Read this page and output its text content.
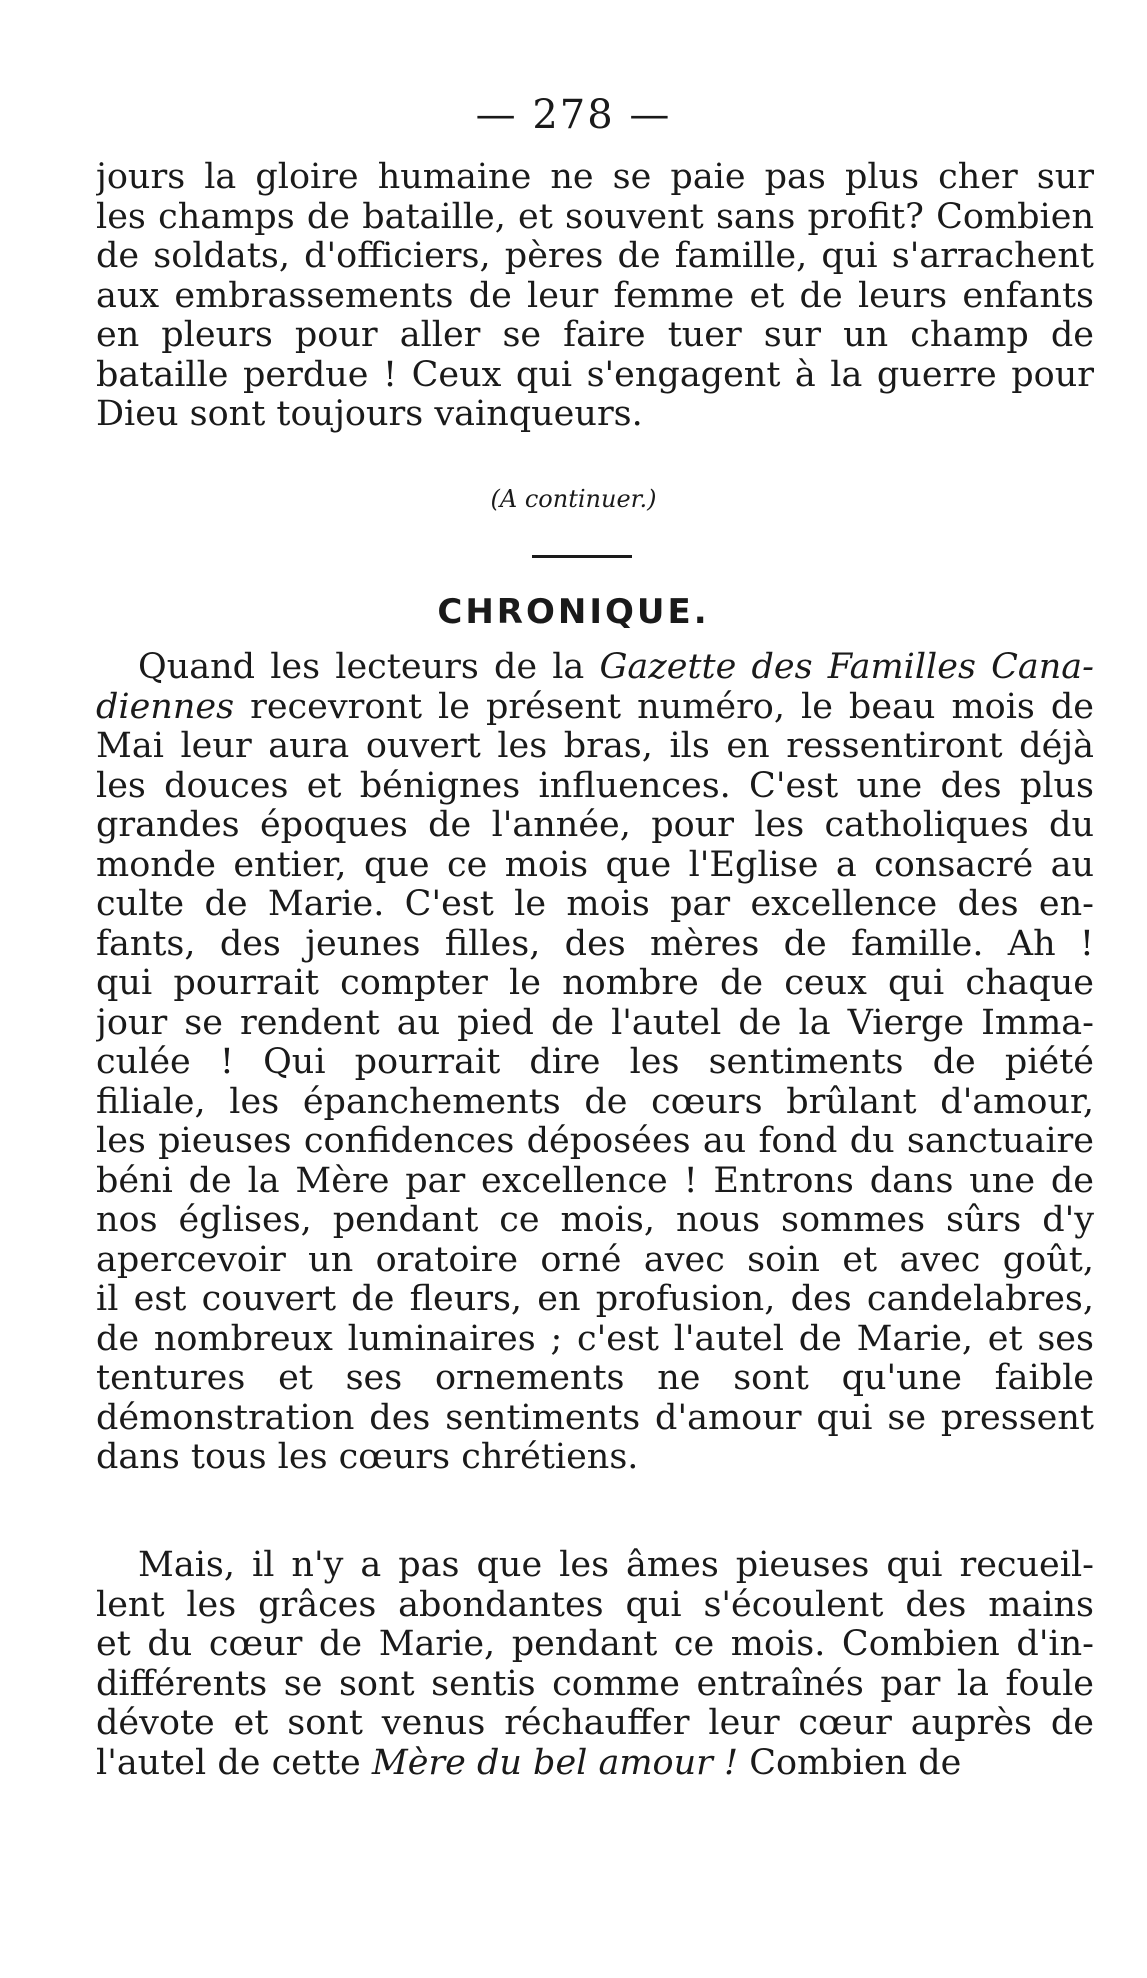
— 278 —
jours la gloire humaine ne se paie pas plus cher sur
les champs de bataille, et souvent sans profit? Combien
de soldats, d'officiers, pères de famille, qui s'arrachent
aux embrassements de leur femme et de leurs enfants
en pleurs pour aller se faire tuer sur un champ de
bataille perdue ! Ceux qui s'engagent à la guerre pour
Dieu sont toujours vainqueurs.
(A continuer.)
CHRONIQUE.
Quand les lecteurs de la Gazette des Familles Cana-
diennes recevront le présent numéro, le beau mois de
Mai leur aura ouvert les bras, ils en ressentiront déjà
les douces et bénignes influences. C'est une des plus
grandes époques de l'année, pour les catholiques du
monde entier, que ce mois que l'Eglise a consacré au
culte de Marie. C'est le mois par excellence des en-
fants, des jeunes filles, des mères de famille. Ah !
qui pourrait compter le nombre de ceux qui chaque
jour se rendent au pied de l'autel de la Vierge Imma-
culée ! Qui pourrait dire les sentiments de piété
filiale, les épanchements de cœurs brûlant d'amour,
les pieuses confidences déposées au fond du sanctuaire
béni de la Mère par excellence ! Entrons dans une de
nos églises, pendant ce mois, nous sommes sûrs d'y
apercevoir un oratoire orné avec soin et avec goût,
il est couvert de fleurs, en profusion, des candelabres,
de nombreux luminaires ; c'est l'autel de Marie, et ses
tentures et ses ornements ne sont qu'une faible
démonstration des sentiments d'amour qui se pressent
dans tous les cœurs chrétiens.
Mais, il n'y a pas que les âmes pieuses qui recueil-
lent les grâces abondantes qui s'écoulent des mains
et du cœur de Marie, pendant ce mois. Combien d'in-
différents se sont sentis comme entraînés par la foule
dévote et sont venus réchauffer leur cœur auprès de
l'autel de cette Mère du bel amour ! Combien de
